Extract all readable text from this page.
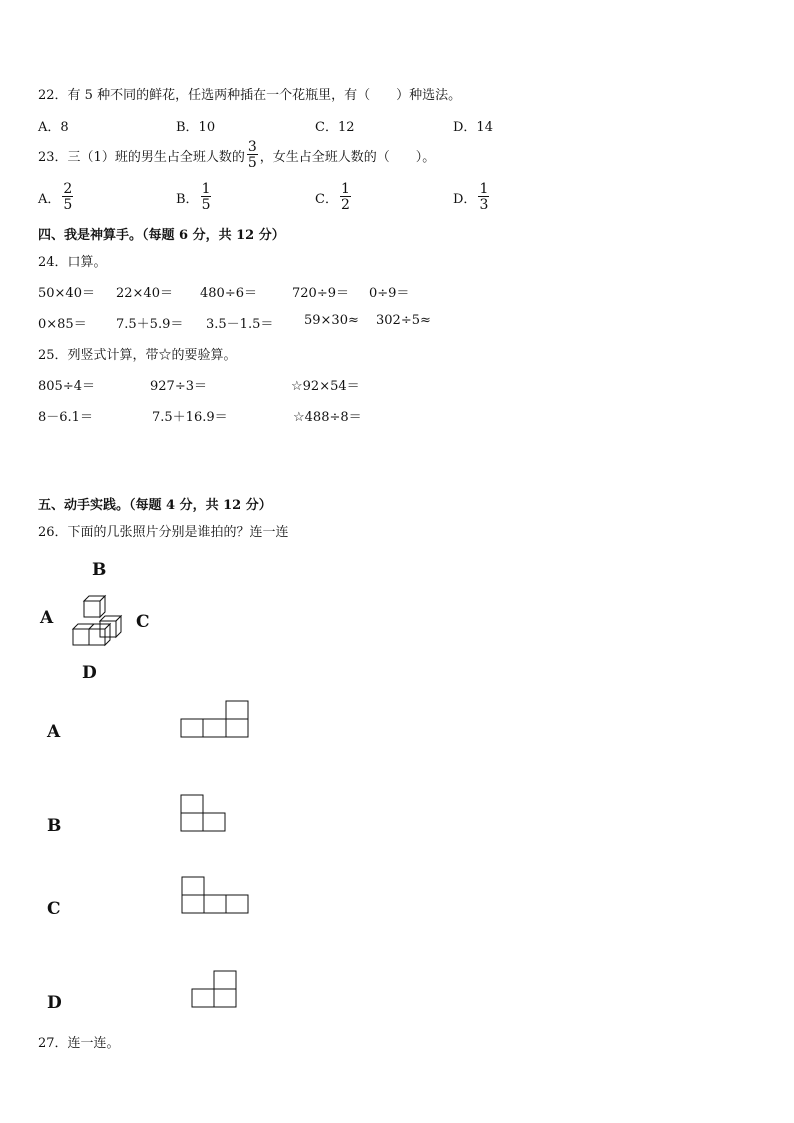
22．有 5 种不同的鲜花，任选两种插在一个花瓶里，有（　　）种选法。
A．8	B．10	C．12	D．14
23．三（1）班的男生占全班人数的 $\frac{3}{5}$ ，女生占全班人数的（　　）。
A． $\frac{2}{5}$	B． $\frac{1}{5}$	C． $\frac{1}{2}$	D． $\frac{1}{3}$
四、我是神算手。（每题 6 分，共 12 分）
24．口算。
50×40＝ 22×40＝ 480÷6＝	720÷9＝ 0÷9＝
0×85＝ 7.5＋5.9＝ 3.5－1.5＝ 59×30≈ 302÷5≈
25．列竖式计算，带☆的要验算。
805÷4＝	927÷3＝	☆92×54＝
8－6.1＝	7.5＋16.9＝	☆488÷8＝
五、动手实践。（每题 4 分，共 12 分）
26．下面的几张照片分别是谁拍的？连一连
B
A	C
D
A
B
C
D
27．连一连。
